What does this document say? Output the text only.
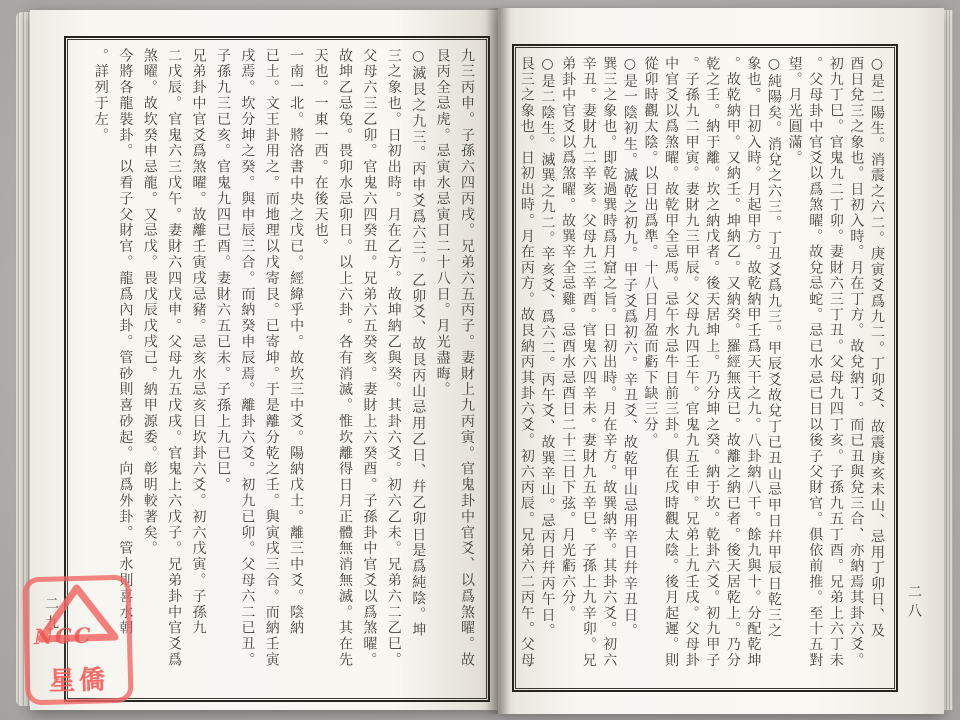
○是二陽生。消震之六二。庚寅爻爲九二。丁卯爻、故震庚亥未山、忌用丁卯日、及
酉日兌三之象也。日初入時。月在丁方。故兌納丁。而已丑與兌三合、亦納焉其卦六爻。
初九丁巳。官鬼九二丁卯。妻財六三丁丑。父母九四丁亥。子孫九五丁酉。兄弟上六丁未
。父母卦中官爻以爲煞曜。故兌忌蛇。忌已水忌已日以後子父財官。俱依前推。至十五對
望。月光圓滿。
○純陽矣。消兌之六三。丁丑爻爲九三。甲辰爻故兌丁已丑山忌甲日幷甲辰日乾三之
象也。日初入時。月起甲方。故乾納甲壬爲天干之九。八卦納八干。餘九與十。分配乾坤
。故乾納甲。又納壬。坤納乙。又納癸。羅經無戌已。故離之納已者。後天居乾上。乃分
乾之壬。納于離。坎之納戊者。後天居坤上。乃分坤之癸。納于坎。乾卦六爻。初九甲子
。子孫九二甲寅。妻財九三甲辰。父母九四壬午。官鬼九五壬申。兄弟上九壬戌。父母卦
中官爻以爲煞曜。故乾甲全忌馬。忌午水忌牛日前三卦。俱在戌時觀太陰。後月起遲。則
從卯時觀太陰。以日出爲準。十八日月盈而虧下缺三分。
○是一陰初生。滅乾之初九。甲子爻爲初六。辛丑爻、故乾甲山忌用辛日幷辛丑日。
巽三之象也。即乾過巽時爲月窟之旨。日初出時。月在辛方。故巽納辛。其卦六爻。初六
辛丑。妻財九二辛亥。父母九三辛酉。官鬼六四辛未。妻財九五辛巳。子孫上九辛卯。兄
弟卦中官爻以爲煞曜。故巽辛全忌雞。忌酉水忌酉日二十三日下弦。月光虧六分。
○是二陰生。滅巽之九二。辛亥爻、爲六二。丙午爻、故巽辛山。忌丙日幷丙午日。
艮三之象也。日初出時。月在丙方。故艮納丙其卦六爻。初六丙辰。兄弟六二丙午。父母
九三丙申。子孫六四丙戌。兄弟六五丙子。妻財上九丙寅。官鬼卦中官爻、以爲煞曜。故
艮丙全忌虎。忌寅水忌寅日二十八日。月光盡晦。
○滅艮之九三。丙申爻爲六三。乙卯爻、故艮丙山忌用乙日、幷乙卯日是爲純陰。坤
三之象也。日初出時。月在乙方。故坤納乙與癸。其卦六爻。初六乙未。兄弟六二乙巳。
父母六三乙卯。官鬼六四癸丑。兄弟六五癸亥。妻財上六癸酉。子孫卦中官爻以爲煞曜。
故坤乙忌兔。畏卯水忌卯日。以上六卦。各有消滅。惟坎離得日月正體無消無滅。其在先
天也。一東一西。在後天也。
一南一北。將洛書中央之戊已。經緯乎中。故坎三中爻。陽納戊土。離三中爻。陰納
已土。文王卦用之。而地理以戊寄艮。已寄坤。于是離分乾之壬。與寅戌三合。而納壬寅
戌焉。坎分坤之癸。與申辰三合。而納癸申辰焉。離卦六爻。初九已卯。父母六二已丑。
子孫九三已亥。官鬼九四已酉。妻財六五已未。子孫上九已巳。
兄弟卦中官爻爲煞曜。故離壬寅戌忌豬。忌亥水忌亥日坎卦六爻。初六戊寅。子孫九
二戊辰。官鬼六三戊午。妻財六四戊申。父母九五戊戌。官鬼上六戊子。兄弟卦中官爻爲
煞曜。故坎癸申忌龍。又忌戊。畏戊辰戊戌己。納甲源委。彰明較著矣。
今將各龍裝卦。以看子父財官。龍爲內卦。管砂則喜砂起。向爲外卦。管水則喜水朝
。詳列于左。
二八
二九
NCC
星僑
